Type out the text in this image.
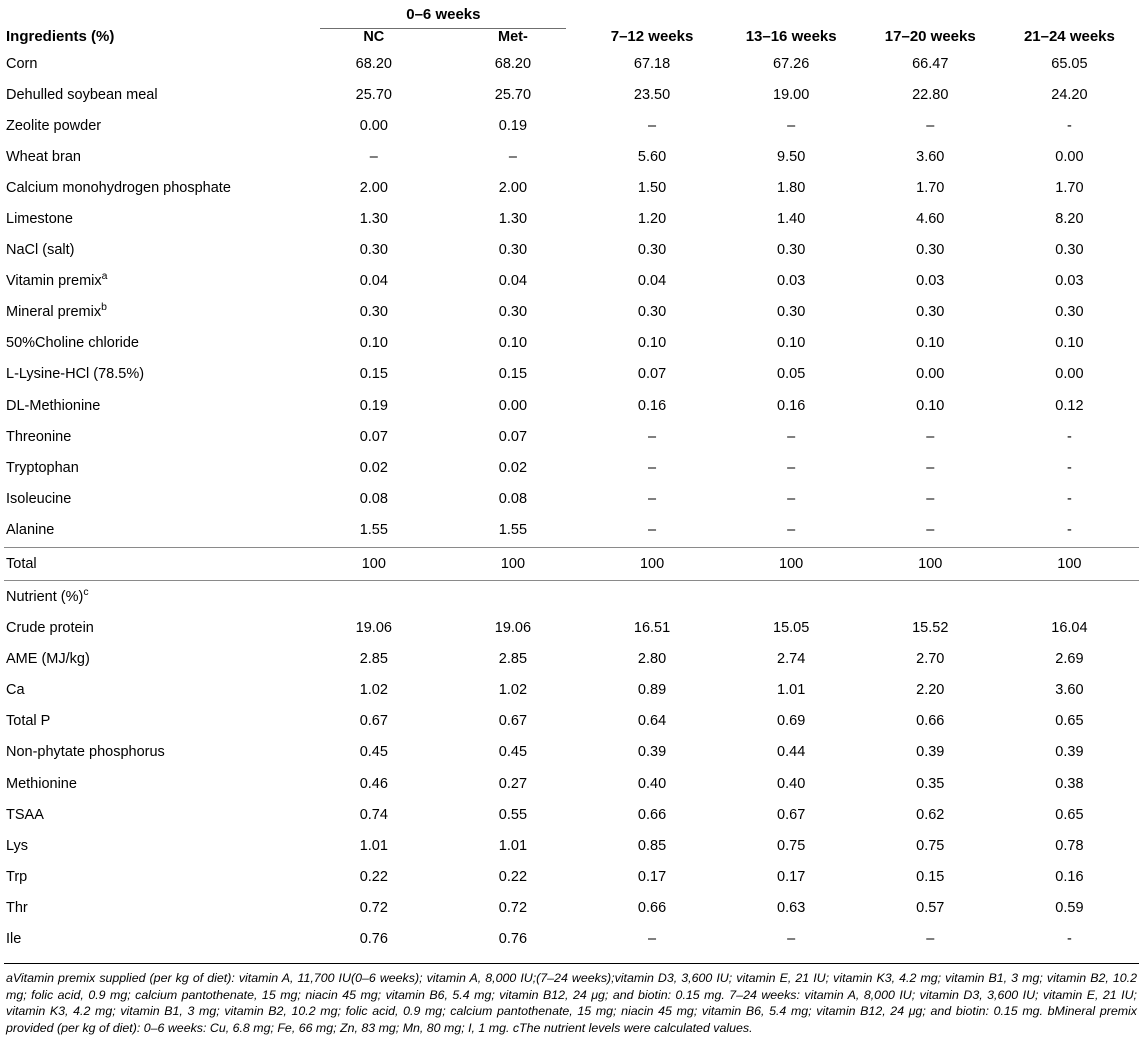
Ingredients (%)	0–6 weeks		7–12 weeks	13–16 weeks	17–20 weeks	21–24 weeks
	NC	Met-				
Corn	68.20	68.20	67.18	67.26	66.47	65.05
Dehulled soybean meal	25.70	25.70	23.50	19.00	22.80	24.20
Zeolite powder	0.00	0.19	–	–	–	-
Wheat bran	–	–	5.60	9.50	3.60	0.00
Calcium monohydrogen phosphate	2.00	2.00	1.50	1.80	1.70	1.70
Limestone	1.30	1.30	1.20	1.40	4.60	8.20
NaCl (salt)	0.30	0.30	0.30	0.30	0.30	0.30
Vitamin premix$^a$	0.04	0.04	0.04	0.03	0.03	0.03
Mineral premix$^b$	0.30	0.30	0.30	0.30	0.30	0.30
50%Choline chloride	0.10	0.10	0.10	0.10	0.10	0.10
L-Lysine-HCl (78.5%)	0.15	0.15	0.07	0.05	0.00	0.00
DL-Methionine	0.19	0.00	0.16	0.16	0.10	0.12
Threonine	0.07	0.07	–	–	–	-
Tryptophan	0.02	0.02	–	–	–	-
Isoleucine	0.08	0.08	–	–	–	-
Alanine	1.55	1.55	–	–	–	-
Total	100	100	100	100	100	100
Nutrient (%)$^c$						
Crude protein	19.06	19.06	16.51	15.05	15.52	16.04
AME (MJ/kg)	2.85	2.85	2.80	2.74	2.70	2.69
Ca	1.02	1.02	0.89	1.01	2.20	3.60
Total P	0.67	0.67	0.64	0.69	0.66	0.65
Non-phytate phosphorus	0.45	0.45	0.39	0.44	0.39	0.39
Methionine	0.46	0.27	0.40	0.40	0.35	0.38
TSAA	0.74	0.55	0.66	0.67	0.62	0.65
Lys	1.01	1.01	0.85	0.75	0.75	0.78
Trp	0.22	0.22	0.17	0.17	0.15	0.16
Thr	0.72	0.72	0.66	0.63	0.57	0.59
Ile	0.76	0.76	–	–	–	-

aVitamin premix supplied (per kg of diet): vitamin A, 11,700 IU(0–6 weeks); vitamin A, 8,000 IU;(7–24 weeks);vitamin D3, 3,600 IU; vitamin E, 21 IU; vitamin K3, 4.2 mg; vitamin B1, 3 mg; vitamin B2, 10.2 mg; folic acid, 0.9 mg; calcium pantothenate, 15 mg; niacin 45 mg; vitamin B6, 5.4 mg; vitamin B12, 24 μg; and biotin: 0.15 mg. 7–24 weeks: vitamin A, 8,000 IU; vitamin D3, 3,600 IU; vitamin E, 21 IU; vitamin K3, 4.2 mg; vitamin B1, 3 mg; vitamin B2, 10.2 mg; folic acid, 0.9 mg; calcium pantothenate, 15 mg; niacin 45 mg; vitamin B6, 5.4 mg; vitamin B12, 24 μg; and biotin: 0.15 mg. bMineral premix provided (per kg of diet): 0–6 weeks: Cu, 6.8 mg; Fe, 66 mg; Zn, 83 mg; Mn, 80 mg; I, 1 mg. cThe nutrient levels were calculated values.
